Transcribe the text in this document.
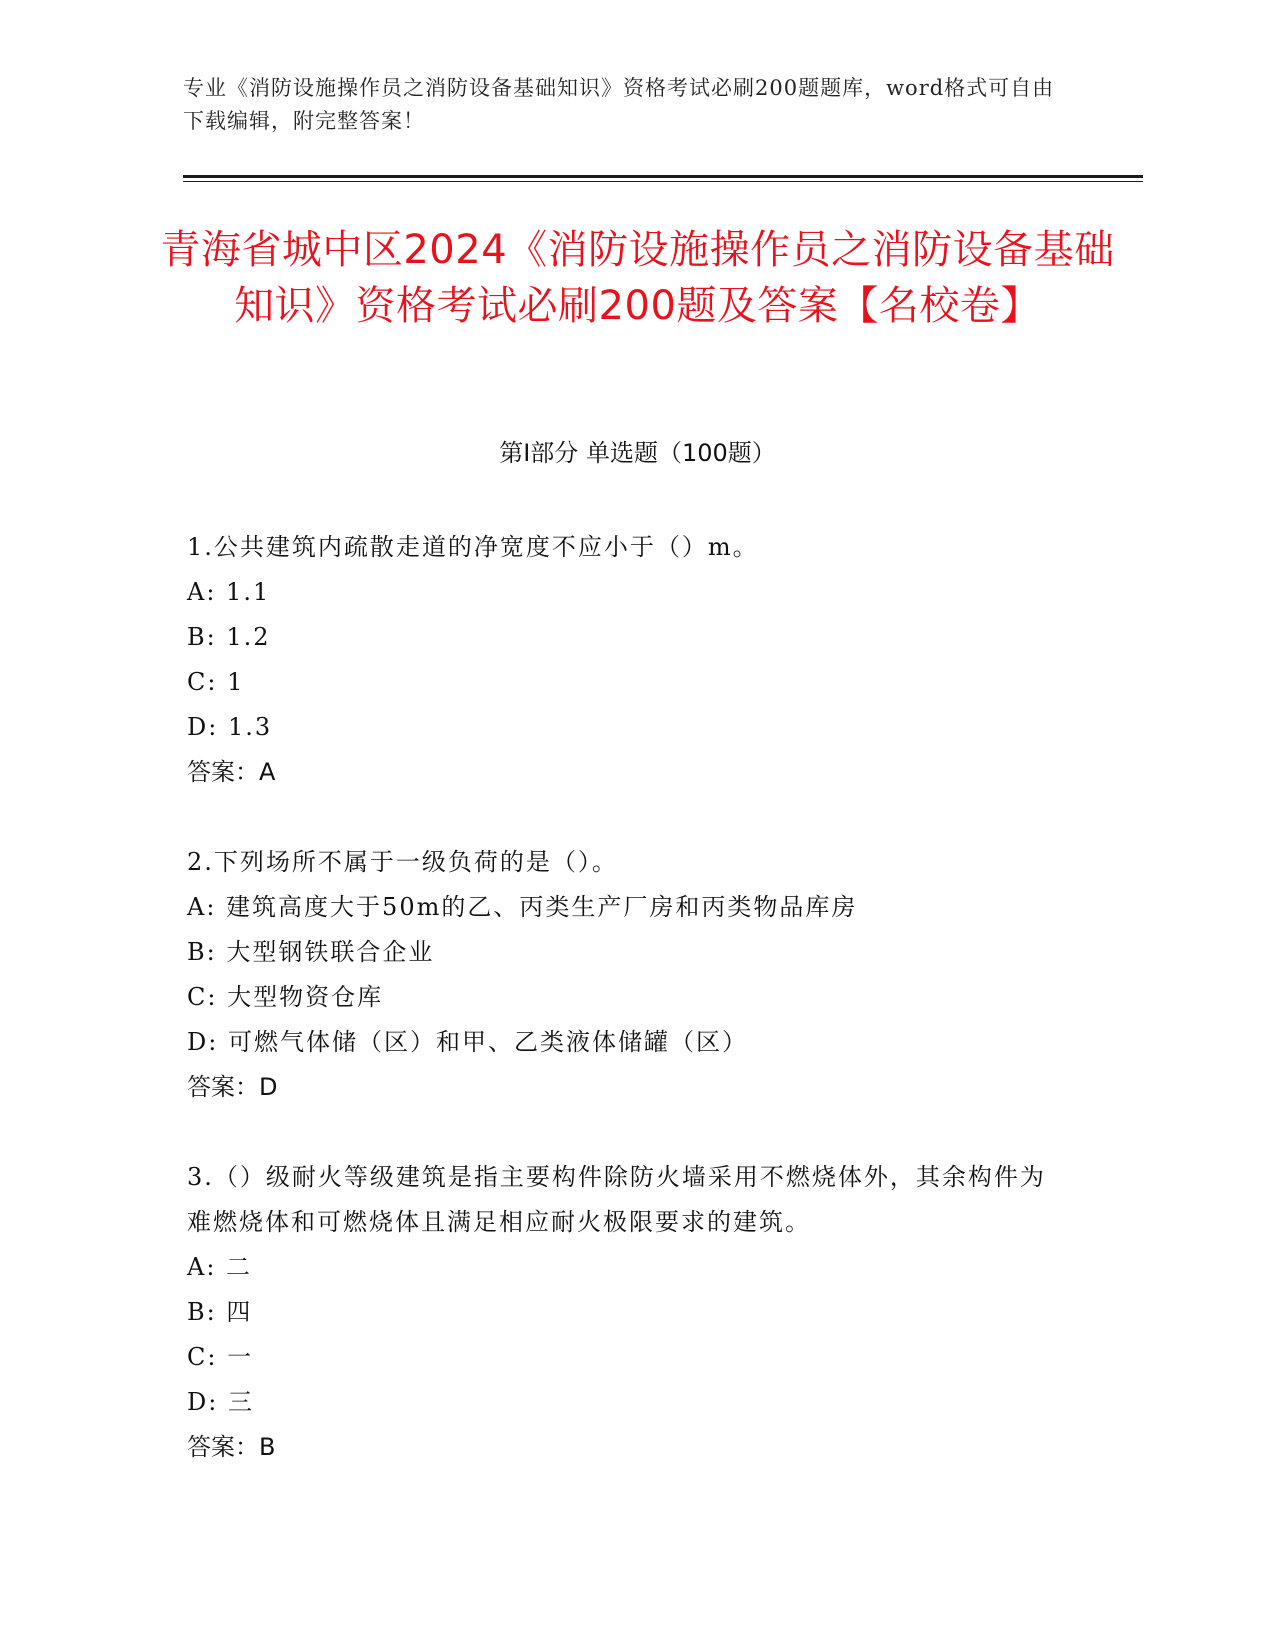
专业《消防设施操作员之消防设备基础知识》资格考试必刷200题题库，word格式可自由下载编辑，附完整答案！
青海省城中区2024《消防设施操作员之消防设备基础知识》资格考试必刷200题及答案【名校卷】
第I部分 单选题（100题）
1.公共建筑内疏散走道的净宽度不应小于（）m。
A: 1.1
B: 1.2
C: 1
D: 1.3
答案：A
2.下列场所不属于一级负荷的是（）。
A: 建筑高度大于50m的乙、丙类生产厂房和丙类物品库房
B: 大型钢铁联合企业
C: 大型物资仓库
D: 可燃气体储（区）和甲、乙类液体储罐（区）
答案：D
3.（）级耐火等级建筑是指主要构件除防火墙采用不燃烧体外，其余构件为难燃烧体和可燃烧体且满足相应耐火极限要求的建筑。
A: 二
B: 四
C: 一
D: 三
答案：B
